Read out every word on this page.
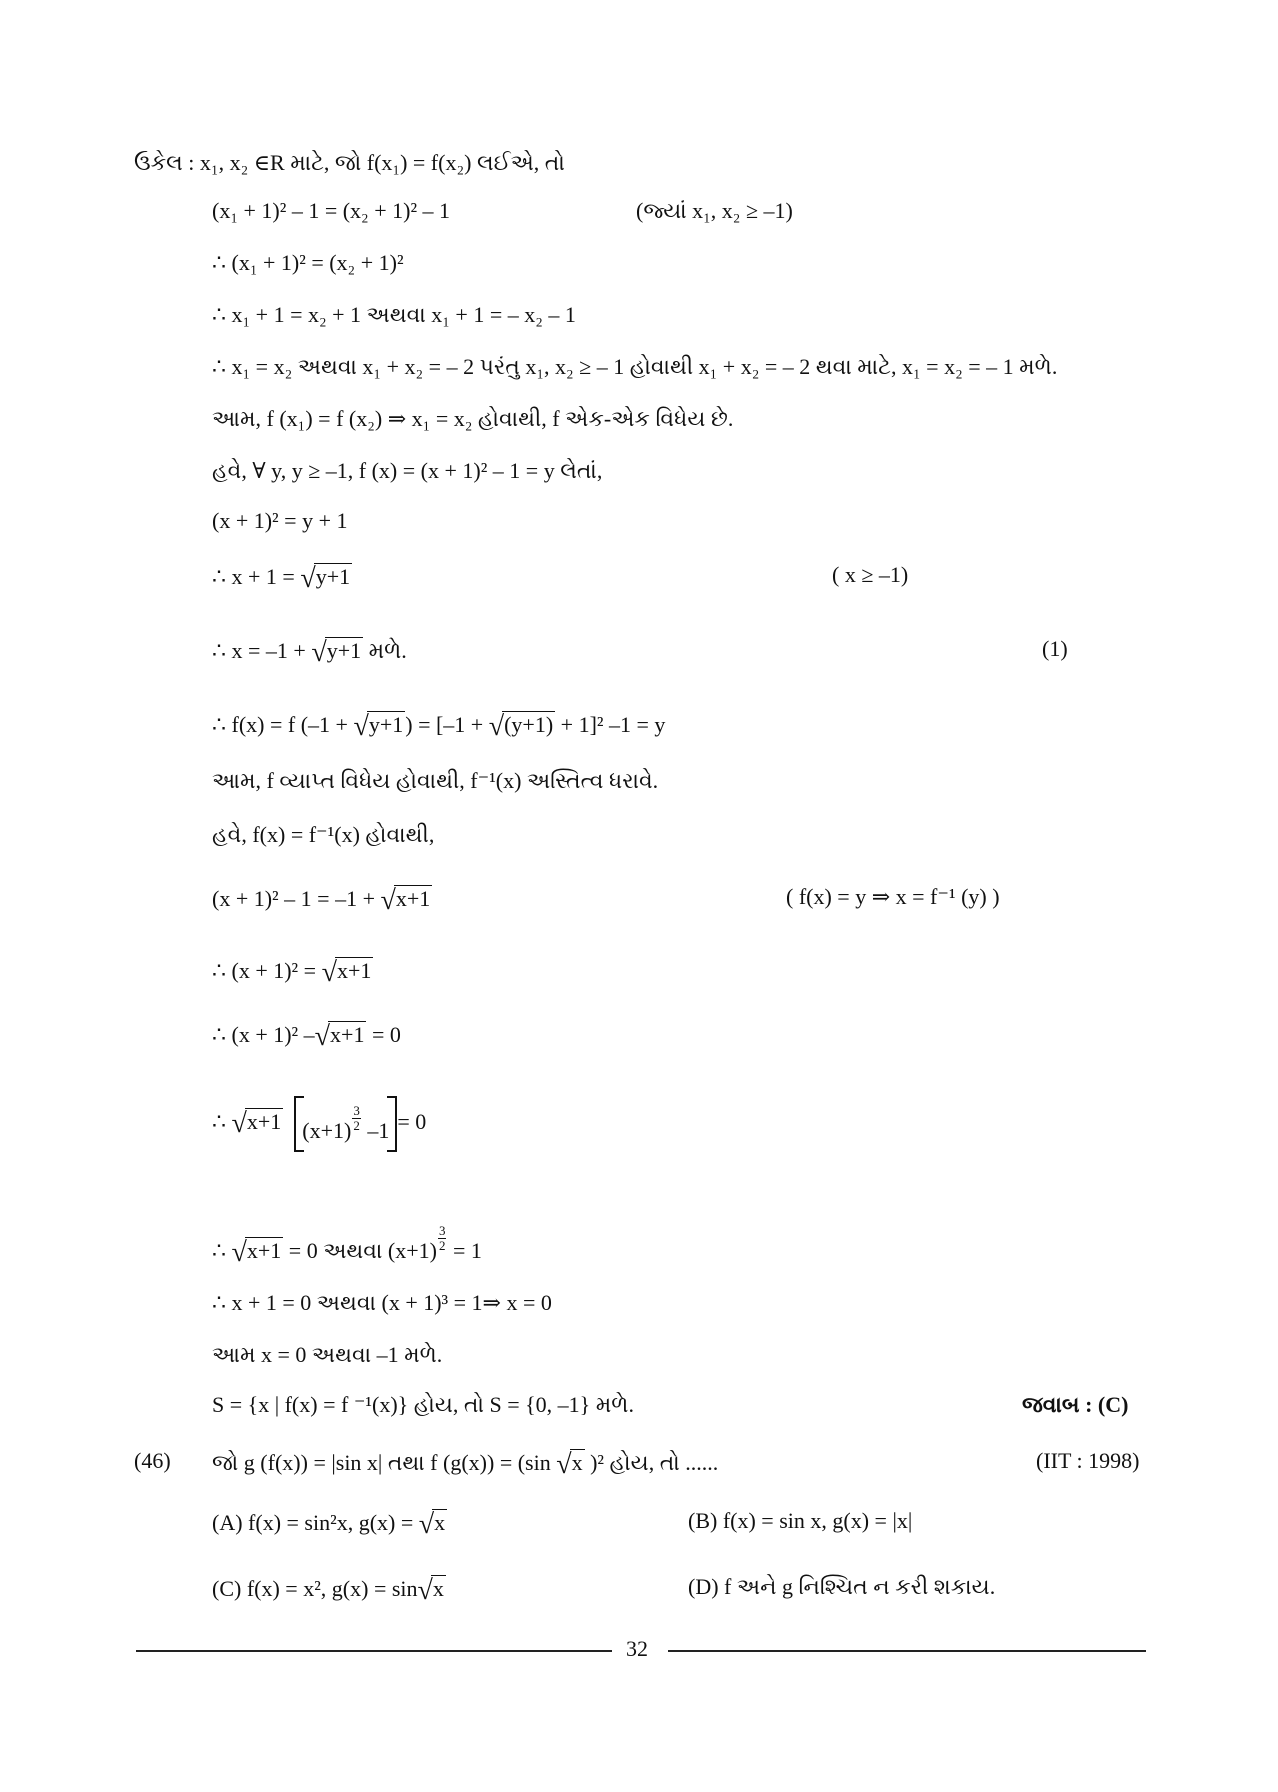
ઉકેલ : x₁, x₂ ∈R માટે, જો f(x₁) = f(x₂) લઈએ, તો
(x₁ + 1)² – 1 = (x₂ + 1)² – 1	(જ્યાં x₁, x₂ ≥ –1)
∴ (x₁ + 1)² = (x₂ + 1)²
∴ x₁ + 1 = x₂ + 1 અથવા x₁ + 1 = – x₂ – 1
∴ x₁ = x₂ અથવા x₁ + x₂ = – 2 પરંતુ x₁, x₂ ≥ – 1 હોવાથી x₁ + x₂ = – 2 થવા માટે, x₁ = x₂ = – 1 મળે.
આમ, f (x₁) = f (x₂) ⇒ x₁ = x₂ હોવાથી, f એક-એક વિધેય છે.
હવે, ∀ y, y ≥ –1, f (x) = (x + 1)² – 1 = y લેતાં,
(x + 1)² = y + 1
∴ x + 1 = √y+1	( x ≥ –1)
∴ x = –1 + √y+1 મળે.	(1)
∴ f(x) = f (–1 + √y+1) = [–1 + √(y+1) + 1]² –1 = y
આમ, f વ્યાપ્ત વિધેય હોવાથી, f⁻¹(x) અસ્તિત્વ ધરાવે.
હવે, f(x) = f⁻¹(x) હોવાથી,
(x + 1)² – 1 = –1 + √x+1	( f(x) = y ⇒ x = f⁻¹ (y) )
∴ (x + 1)² = √x+1
∴ (x + 1)² –√x+1 = 0
∴ √x+1 $(x+1) \frac{3}{2} -1 = 0$
∴ √x+1 = 0 અથવા $(x+1) \frac{3}{2} = 1$
∴ x + 1 = 0 અથવા (x + 1)³ = 1⇒ x = 0
આમ x = 0 અથવા –1 મળે.
S = {x | f(x) = f ⁻¹(x)} હોય, તો S = {0, –1} મળે.	જવાબ : (C)
(46) જો g (f(x)) = |sin x| તથા f (g(x)) = (sin √x )² હોય, તો ......	(IIT : 1998)
(A) f(x) = sin²x, g(x) = √x	(B) f(x) = sin x, g(x) = |x|
(C) f(x) = x², g(x) = sin√x	(D) f અને g નિશ્ચિત ન કરી શકાય.
32
